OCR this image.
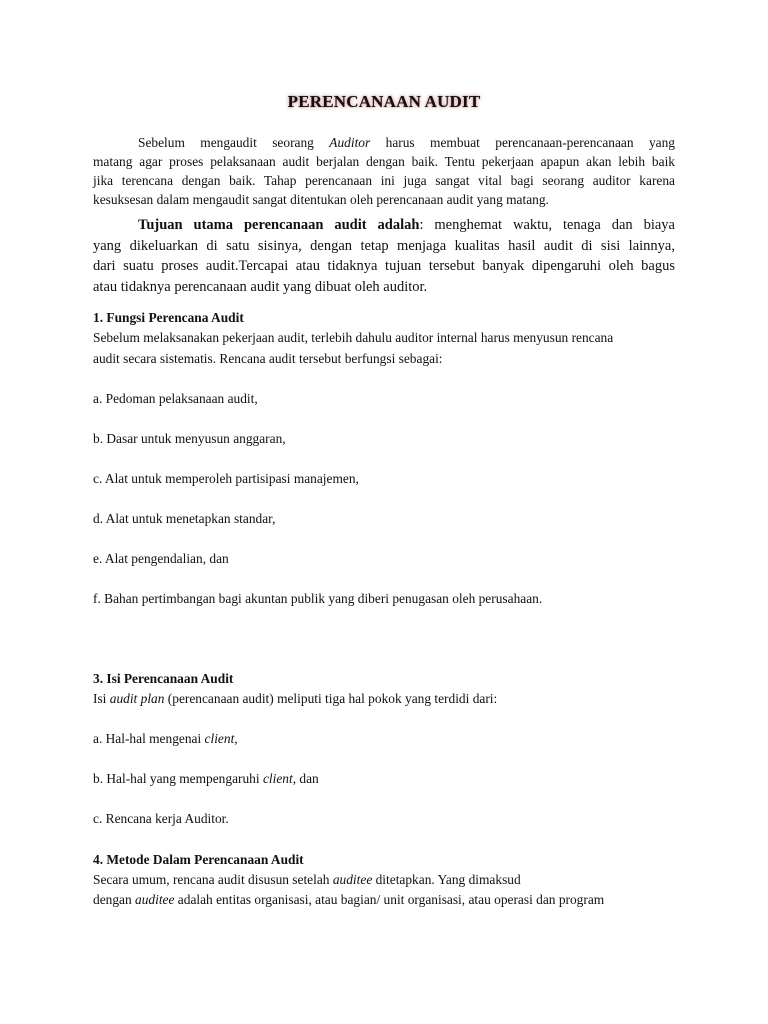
PERENCANAAN AUDIT
Sebelum mengaudit seorang Auditor harus membuat perencanaan-perencanaan yang
matang agar proses pelaksanaan audit berjalan dengan baik. Tentu pekerjaan apapun akan lebih baik
jika terencana dengan baik. Tahap perencanaan ini juga sangat vital bagi seorang auditor karena
kesuksesan dalam mengaudit sangat ditentukan oleh perencanaan audit yang matang.
Tujuan utama perencanaan audit adalah: menghemat waktu, tenaga dan biaya
yang dikeluarkan di satu sisinya, dengan tetap menjaga kualitas hasil audit di sisi lainnya,
dari suatu proses audit.Tercapai atau tidaknya tujuan tersebut banyak dipengaruhi oleh bagus
atau tidaknya perencanaan audit yang dibuat oleh auditor.
1. Fungsi Perencana Audit
Sebelum melaksanakan pekerjaan audit, terlebih dahulu auditor internal harus menyusun rencana
audit secara sistematis. Rencana audit tersebut berfungsi sebagai:
a. Pedoman pelaksanaan audit,
b. Dasar untuk menyusun anggaran,
c. Alat untuk memperoleh partisipasi manajemen,
d. Alat untuk menetapkan standar,
e. Alat pengendalian, dan
f. Bahan pertimbangan bagi akuntan publik yang diberi penugasan oleh perusahaan.
3. Isi Perencanaan Audit
Isi audit plan (perencanaan audit) meliputi tiga hal pokok yang terdidi dari:
a. Hal-hal mengenai client,
b. Hal-hal yang mempengaruhi client, dan
c. Rencana kerja Auditor.
4. Metode Dalam Perencanaan Audit
Secara umum, rencana audit disusun setelah auditee ditetapkan. Yang dimaksud
dengan auditee adalah entitas organisasi, atau bagian/ unit organisasi, atau operasi dan program
